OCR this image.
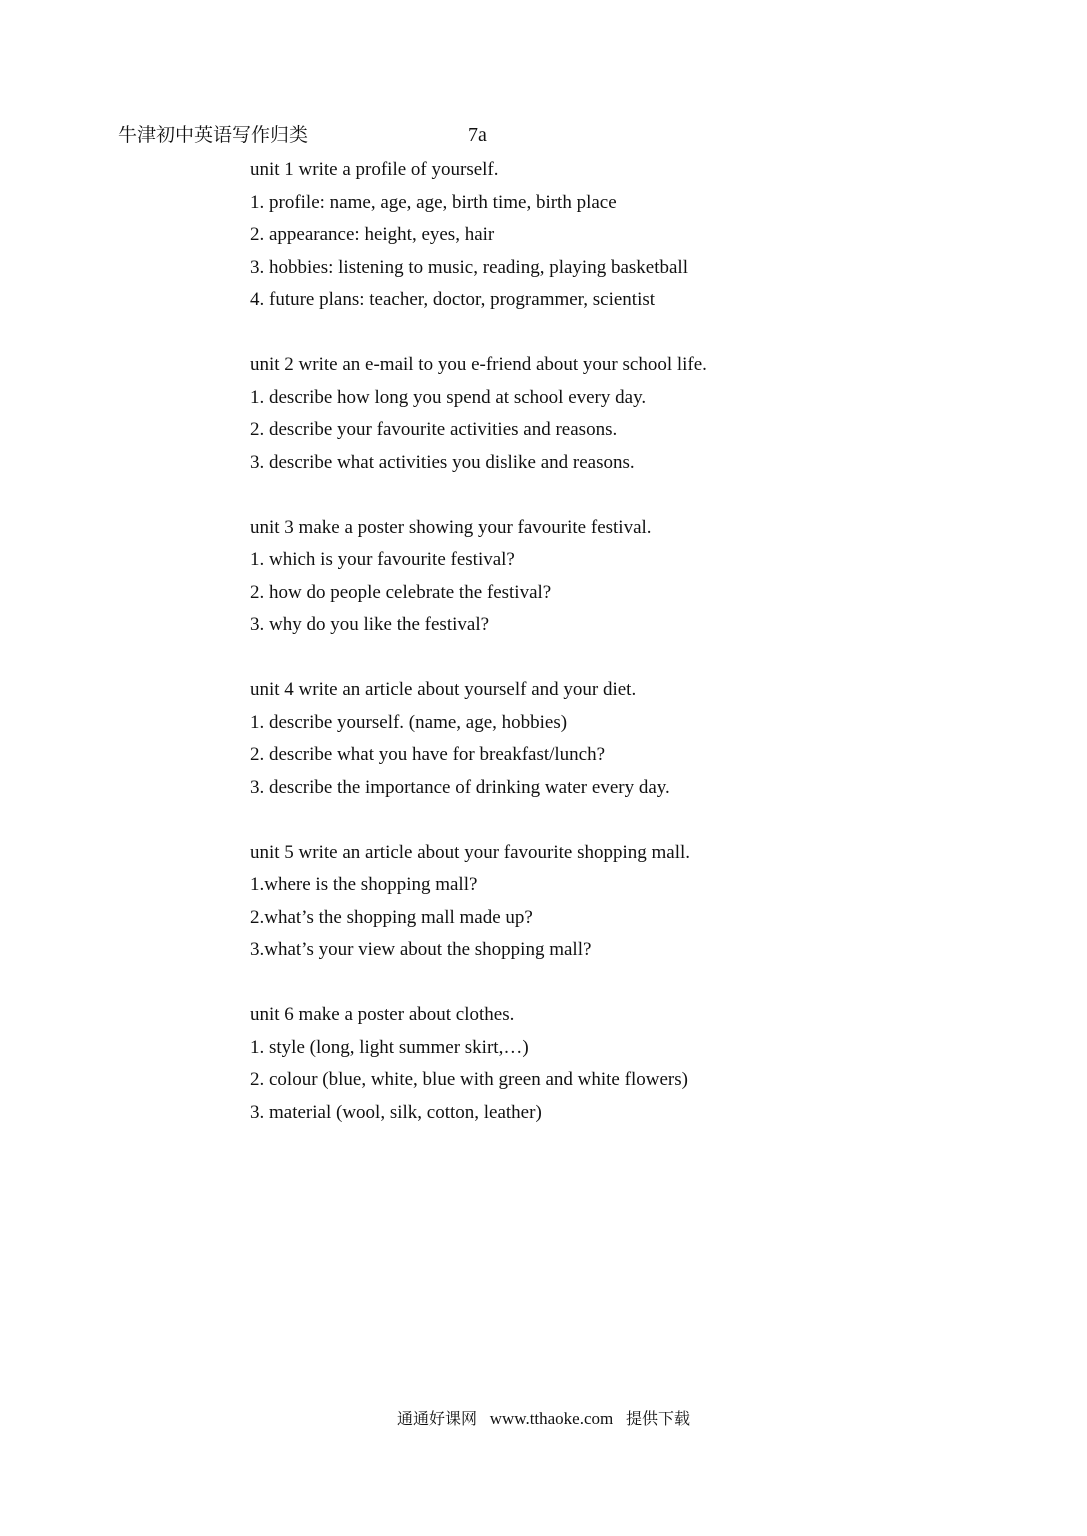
牛津初中英语写作归类	7a
unit 1 write a profile of yourself.
1. profile: name, age, age, birth time, birth place
2. appearance: height, eyes, hair
3. hobbies: listening to music, reading, playing basketball
4. future plans: teacher, doctor, programmer, scientist
unit 2 write an e-mail to you e-friend about your school life.
1. describe how long you spend at school every day.
2. describe your favourite activities and reasons.
3. describe what activities you dislike and reasons.
unit 3 make a poster showing your favourite festival.
1. which is your favourite festival?
2. how do people celebrate the festival?
3. why do you like the festival?
unit 4 write an article about yourself and your diet.
1. describe yourself. (name, age, hobbies)
2. describe what you have for breakfast/lunch?
3. describe the importance of drinking water every day.
unit 5 write an article about your favourite shopping mall.
1.where is the shopping mall?
2.what’s the shopping mall made up?
3.what’s your view about the shopping mall?
unit 6 make a poster about clothes.
1. style (long, light summer skirt,…)
2. colour (blue, white, blue with green and white flowers)
3. material (wool, silk, cotton, leather)
通通好课网 www.tthaoke.com 提供下载
